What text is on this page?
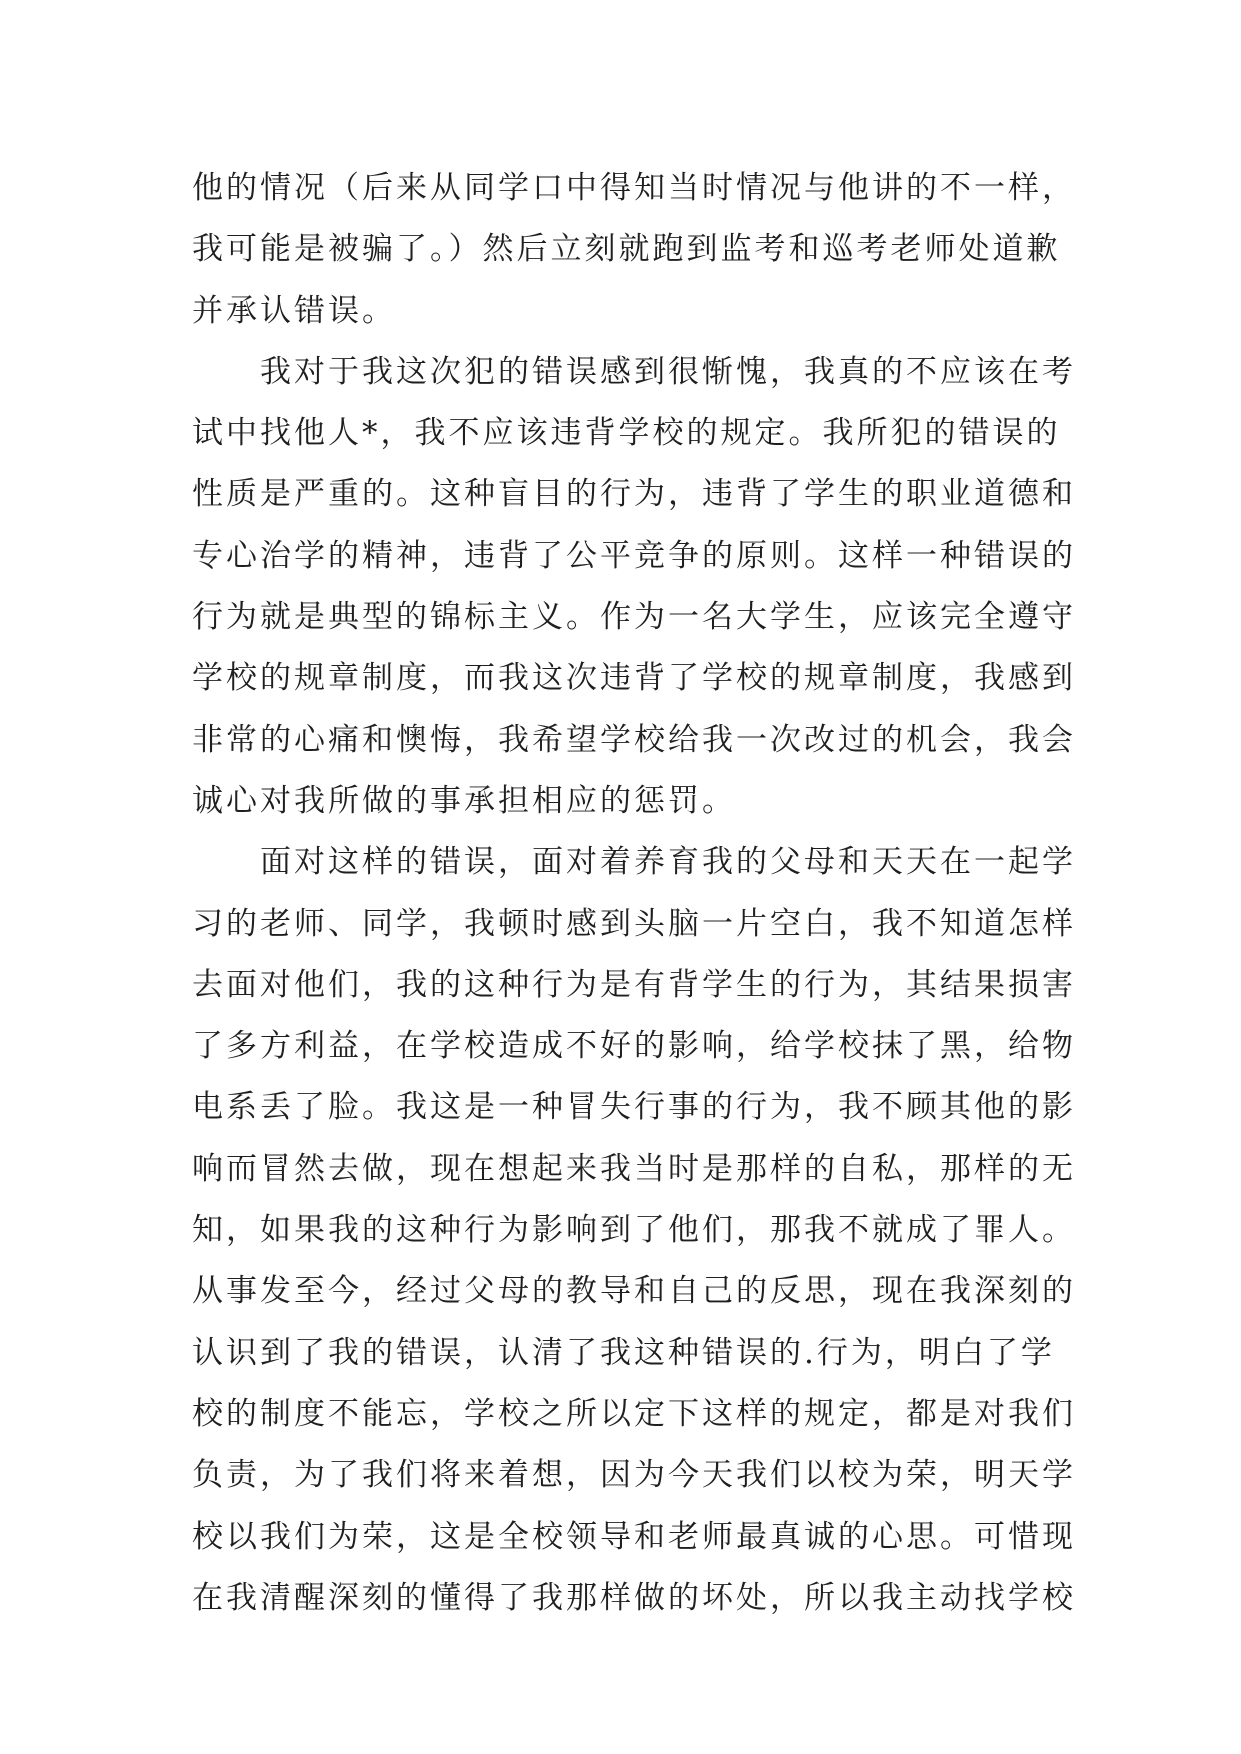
他的情况（后来从同学口中得知当时情况与他讲的不一样，
我可能是被骗了。）然后立刻就跑到监考和巡考老师处道歉
并承认错误。
我对于我这次犯的错误感到很惭愧，我真的不应该在考
试中找他人*，我不应该违背学校的规定。我所犯的错误的
性质是严重的。这种盲目的行为，违背了学生的职业道德和
专心治学的精神，违背了公平竞争的原则。这样一种错误的
行为就是典型的锦标主义。作为一名大学生，应该完全遵守
学校的规章制度，而我这次违背了学校的规章制度，我感到
非常的心痛和懊悔，我希望学校给我一次改过的机会，我会
诚心对我所做的事承担相应的惩罚。
面对这样的错误，面对着养育我的父母和天天在一起学
习的老师、同学，我顿时感到头脑一片空白，我不知道怎样
去面对他们，我的这种行为是有背学生的行为，其结果损害
了多方利益，在学校造成不好的影响，给学校抹了黑，给物
电系丢了脸。我这是一种冒失行事的行为，我不顾其他的影
响而冒然去做，现在想起来我当时是那样的自私，那样的无
知，如果我的这种行为影响到了他们，那我不就成了罪人。
从事发至今，经过父母的教导和自己的反思，现在我深刻的
认识到了我的错误，认清了我这种错误的.行为，明白了学
校的制度不能忘，学校之所以定下这样的规定，都是对我们
负责，为了我们将来着想，因为今天我们以校为荣，明天学
校以我们为荣，这是全校领导和老师最真诚的心思。可惜现
在我清醒深刻的懂得了我那样做的坏处，所以我主动找学校
